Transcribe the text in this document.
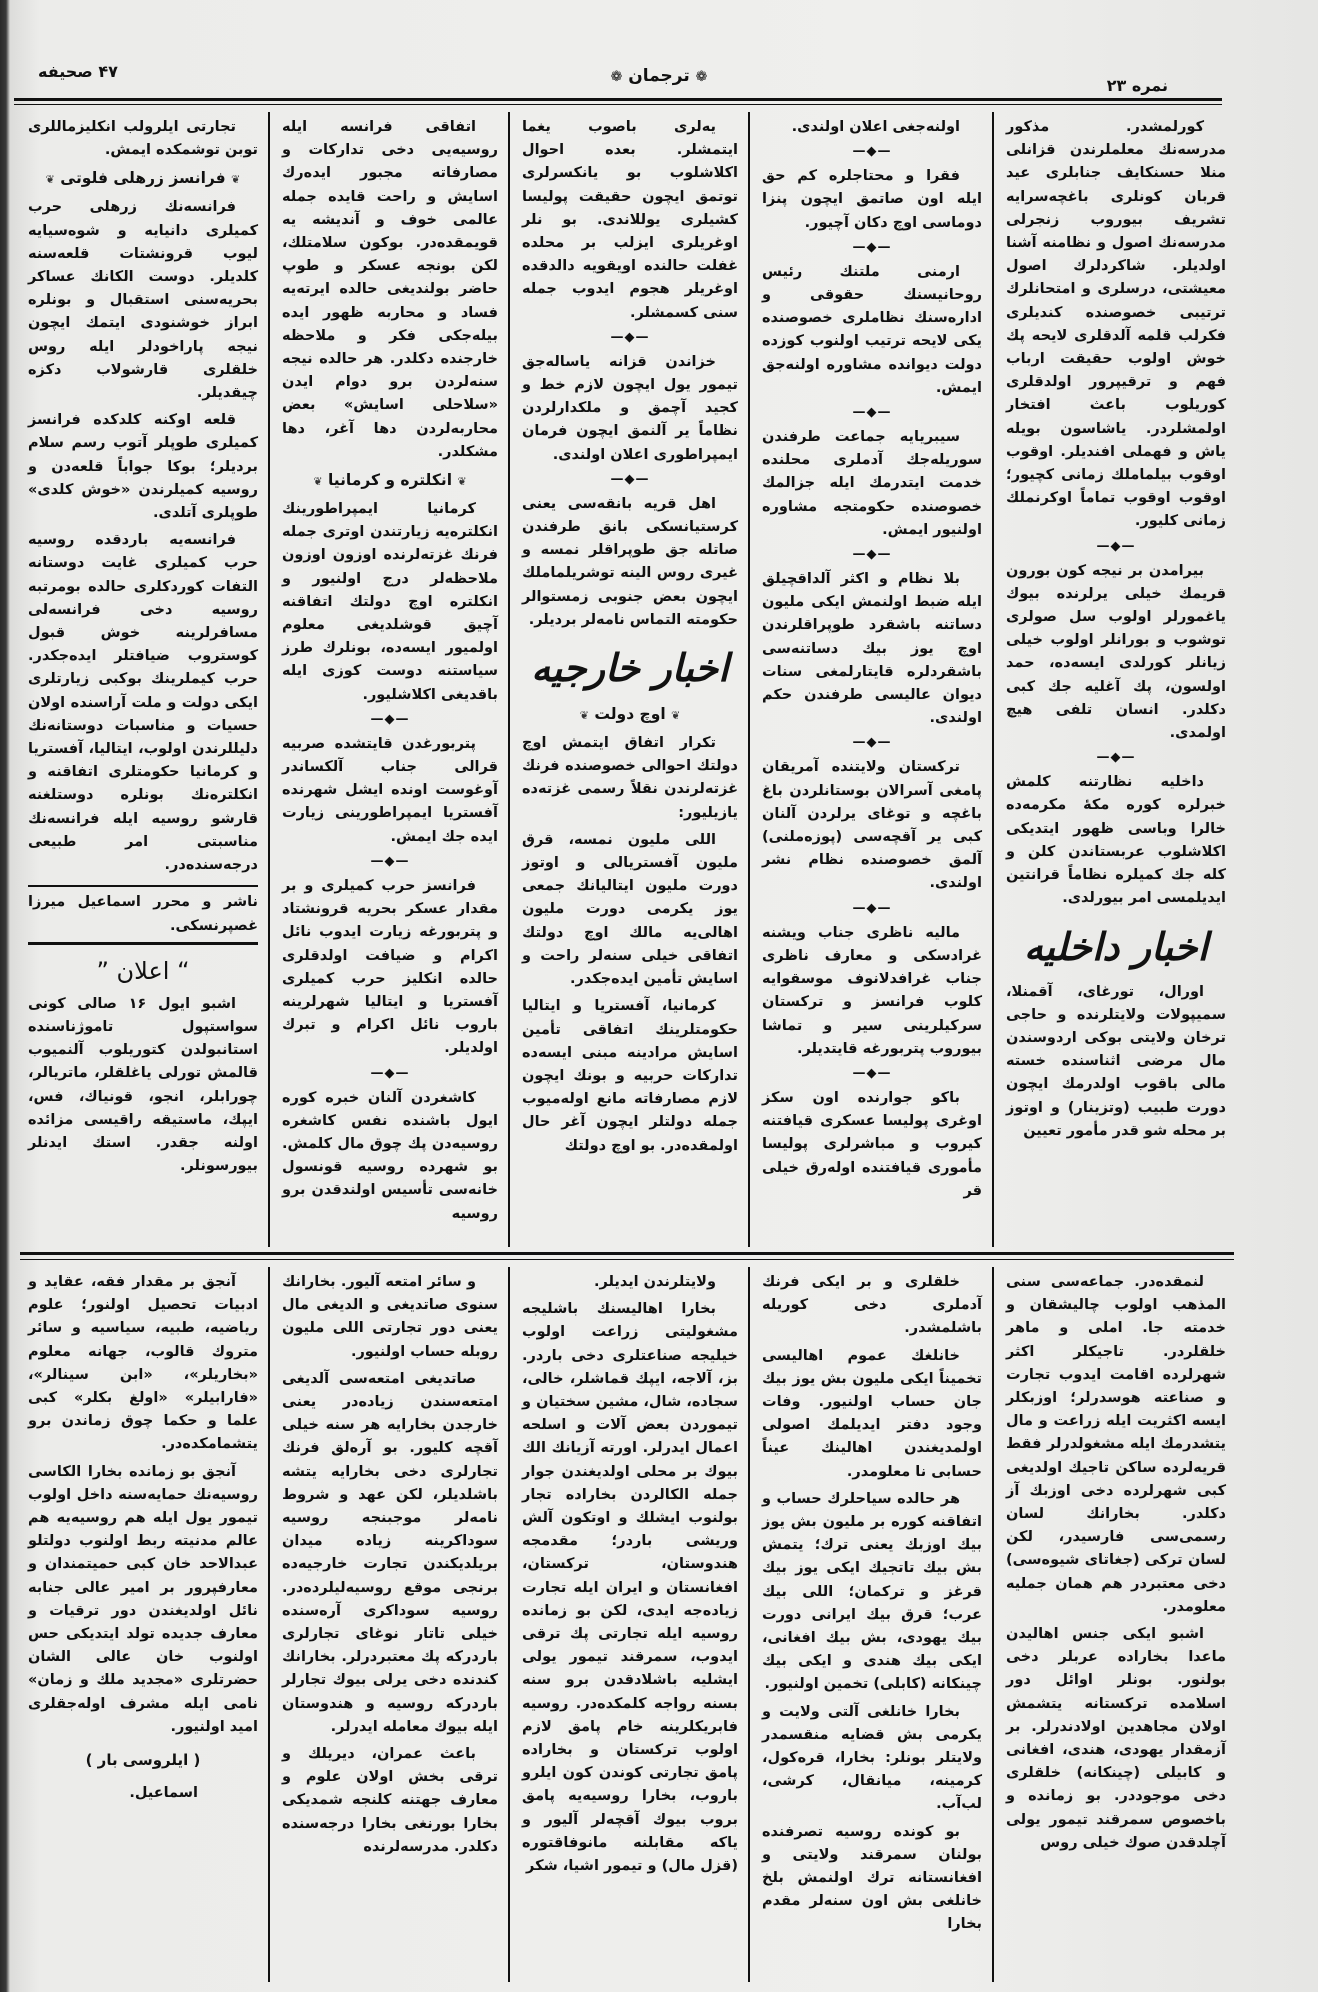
نمره ۲۳
❁ ترجمان ❁
۴۷ صحیفه

کورلمشدر. مذکور مدرسه‌نك معلملرندن قزانلی منلا حسنکایف جنابلری عید قربان کونلری باغچه‌سرایه تشریف بیوروب زنجرلی مدرسه‌نك اصول و نظامنه آشنا اولدیلر. شاکردلرك اصول معیشتی، درسلری و امتحانلرك ترتیبی خصوصنده کندیلری فکرلب قلمه آلدقلری لایحه پك خوش اولوب حقیقت ارباب فهم و ترقیپرور اولدقلری کوریلوب باعث افتخار اولمشلردر. یاشاسون بویله یاش و فهملی افندیلر. اوقوب اوقوب بیلماملك زمانی کچیور؛ اوقوب اوقوب تماماً اوکرنملك زمانی کلیور.

—◆—

بیرامدن بر نیجه کون بورون قریمك خیلی یرلرنده بیوك یاغمورلر اولوب سل صولری توشوب و بورانلر اولوب خیلی زیانلر کورلدی ایسه‌ده، حمد اولسون، پك آغلیه جك کبی دکلدر. انسان تلفی هیچ اولمدی.

—◆—

داخلیه نظارتنه کلمش خبرلره کوره مکهٔ مکرمه‌ده خالرا وباسی ظهور ایتدیکی اکلاشلوب عربستاندن کلن و کله جك کمیلره نظاماً قرانتین ایدیلمسی امر بیورلدی.

اخبار داخلیه

اورال، تورغای، آقمنلا، سمیپولات ولایتلرنده و حاجی ترخان ولایتی بوکی اردوسندن مال مرضی اثناسنده خسته مالی باقوب اولدرمك ایچون دورت طبیب (وتزینار) و اوتوز بر محله شو قدر مأمور تعیین

اولنه‌جغی اعلان اولندی.

—◆—

فقرا و محتاجلره کم حق ایله اون صاتمق ایچون پنزا دوماسی اوچ دکان آچیور.

—◆—

ارمنی ملتنك رئیس روحانیسنك حقوقی و اداره‌سنك نظاملری خصوصنده یکی لایحه ترتیب اولنوب کوزده دولت دیوانده مشاوره اولنه‌جق ایمش.

—◆—

سیبریایه جماعت طرفندن سوریله‌جك آدملری محلنده خدمت ایتدرمك ایله جزالمك خصوصنده حکومتجه مشاوره اولنیور ایمش.

—◆—

بلا نظام و اکثر آلداقچیلق ایله ضبط اولنمش ایکی ملیون دساتنه باشقرد طوپراقلرندن اوچ یوز بیك دساتنه‌سی باشقردلره قایتارلمغی سنات دیوان عالیسی طرفندن حکم اولندی.

—◆—

ترکستان ولایتنده آمریقان پامغی آسرالان بوستانلردن باغ باغچه و توغای یرلردن آلنان کبی یر آقچه‌سی (پوزه‌ملنی) آلمق خصوصنده نظام نشر اولندی.

—◆—

مالیه ناظری جناب ویشنه غرادسکی و معارف ناظری جناب غرافدلانوف موسقوایه کلوب فرانسز و ترکستان سرکیلرینی سیر و تماشا بیوروب پتربورغه قایتدیلر.

—◆—

باکو جوارنده اون سکز اوغری پولیسا عسکری قیافتنه کیروب و مباشرلری پولیسا مأموری قیافتنده اوله‌رق خیلی قر

یه‌لری باصوب یغما ایتمشلر. بعده احوال اکلاشلوب بو یانکسرلری توتمق ایچون حقیقت پولیسا کشیلری یوللاندی. بو نلر اوغریلری ایزلب بر محلده غفلت حالنده اویقویه دالدقده اوغریلر هجوم ایدوب جمله سنی کسمشلر.

—◆—

خزاندن قزانه یاساله‌جق تیمور یول ایچون لازم خط و کجید آچمق و ملکدارلردن نظاماً یر آلنمق ایچون فرمان ایمپراطوری اعلان اولندی.

—◆—

اهل قریه بانقه‌سی یعنی کرستیانسکی بانق طرفندن صاتله جق طوپراقلر نمسه و غیری روس الینه توشریلماملك ایچون بعض جنوبی زمستوالر حکومته التماس نامه‌لر بردیلر.

اخبار خارجیه
❦ اوچ دولت ❦

تکرار اتفاق ایتمش اوچ دولتك احوالی خصوصنده فرنك غزته‌لرندن نقلاً رسمی غزته‌ده یازیلیور:

اللی ملیون نمسه، قرق ملیون آفستریالی و اوتوز دورت ملیون ایتالیانك جمعی یوز یکرمی دورت ملیون اهالی‌یه مالك اوچ دولتك اتفاقی خیلی سنه‌لر راحت و اسایش تأمین ایده‌جکدر.

کرمانیا، آفستریا و ایتالیا حکومتلرینك اتفاقی تأمین اسایش مرادینه مبنی ایسه‌ده تدارکات حربیه و بونك ایچون لازم مصارفاته مانع اوله‌میوب جمله دولتلر ایچون آغر حال اولمقده‌در. بو اوچ دولتك

اتفاقی فرانسه ایله روسیه‌یی دخی تدارکات و مصارفاته مجبور ایده‌رك اسایش و راحت قایده جمله عالمی خوف و آندیشه یه قویمقده‌در. بوکون سلامتلك، لکن بونجه عسکر و طوپ حاضر بولندیغی حالده ایرته‌یه فساد و محاربه ظهور ایده بیله‌جکی فکر و ملاحظه خارجنده دکلدر. هر حالده نیجه سنه‌لردن برو دوام ایدن «سلاحلی اسایش» بعض محاربه‌لردن دها آغر، دها مشکلدر.

❦ انکلتره و کرمانیا ❦

کرمانیا ایمپراطورینك انکلتره‌یه زیارتندن اوتری جمله فرنك غزته‌لرنده اوزون اوزون ملاحظه‌لر درج اولنیور و انکلتره اوچ دولتك اتفاقنه آچیق قوشلدیغی معلوم اولمیور ایسه‌ده، بونلرك طرز سیاستنه دوست کوزی ایله باقدیغی اکلاشلیور.

—◆—

پتربورغدن قایتشده صربیه قرالی جناب آلکساندر آوغوست اونده ایشل شهرنده آفستریا ایمپراطورینی زیارت ایده جك ایمش.

—◆—

فرانسز حرب کمیلری و بر مقدار عسکر بحریه قرونشتاد و پتربورغه زیارت ایدوب نائل اکرام و ضیافت اولدقلری حالده انکلیز حرب کمیلری آفستریا و ایتالیا شهرلرینه باروب نائل اکرام و تبرك اولدیلر.

—◆—

کاشغردن آلنان خبره کوره ایول باشنده نفس کاشغره روسیه‌دن پك چوق مال کلمش. بو شهرده روسیه قونسول خانه‌سی تأسیس اولندقدن برو روسیه

تجارتی ایلرولب انکلیزماللری توبن توشمکده ایمش.

❦ فرانسز زرهلی فلوتی ❦

فرانسه‌نك زرهلی حرب کمیلری دانیایه و شوه‌سیایه‌ لیوب قرونشتات قلعه‌سنه کلدیلر. دوست الکانك عساکر بحریه‌سنی استقبال و بونلره ابراز خوشنودی ایتمك ایچون نیجه پاراخودلر ایله روس خلقلری قارشولاب دکزه چیقدیلر.

قلعه اوکنه کلدکده فرانسز کمیلری طوپلر آتوب رسم سلام بردیلر؛ بوکا جواباً قلعه‌دن و روسیه کمیلرندن «خوش کلدی» طوپلری آتلدی.

فرانسه‌یه باردقده روسیه حرب کمیلری غایت دوستانه التفات کوردکلری حالده بومرتبه روسیه دخی فرانسه‌لی مسافرلرینه خوش قبول کوستروب ضیافتلر ایده‌جکدر. حرب کیملرینك بوکبی زیارتلری ایکی دولت و ملت آراسنده اولان حسیات و مناسبات دوستانه‌نك دلیللرندن اولوب، ایتالیا، آفستریا و کرمانیا حکومتلری اتفاقنه و انکلتره‌نك بونلره دوستلغنه قارشو روسیه ایله فرانسه‌نك مناسبتی امر طبیعی درجه‌سنده‌در.

ناشر و محرر اسماعیل میرزا غصپرنسکی.

“ اعلان ”

اشبو ایول ۱۶ صالی کونی سواستپول تاموژناسنده استانبولدن کتوریلوب آلنمیوب قالمش تورلی یاغلقلر، ماتریالر، چورابلر، انجو، قونیاك، فس، ایپك، ماستیقه راقیسی مزائده اولنه جقدر. استك ایدنلر بیورسونلر.

لنمقده‌در. جماعه‌سی سنی المذهب اولوب چالیشقان و خدمته جا. املی و ماهر خلقلردر. تاجیکلر اکثر شهرلرده اقامت ایدوب تجارت و صناعته هوسدرلر؛ اوزبکلر ایسه اکثریت ایله زراعت و مال یتشدرمك ایله مشغولدرلر فقط قریه‌لرده ساکن تاجیك اولدیغی کبی شهرلرده دخی اوزبك آز دکلدر. بخارانك لسان رسمی‌سی فارسیدر، لکن لسان ترکی (جغاتای شیوه‌سی) دخی معتبردر هم همان جملیه معلومدر.

اشبو ایکی جنس اهالیدن ماعدا بخاراده عربلر دخی بولنور. بونلر اوائل دور اسلامده ترکستانه یتشمش اولان مجاهدین اولادندرلر. بر آزمقدار یهودی، هندی، افغانی و کابیلی (چینکانه) خلقلری دخی موجوددر. بو زمانده و باخصوص سمرقند تیمور یولی آچلدقدن صوك خیلی روس

خلقلری و بر ایکی فرنك آدملری دخی کوریله باشلمشدر.

خانلغك عموم اهالیسی تخمیناً ایکی ملیون بش یوز بیك جان حساب اولنیور. وفات وجود دفتر ایدیلمك اصولی اولمدیغندن اهالینك عیناً حسابی نا معلومدر.

هر حالده سیاحلرك حساب و اتفاقنه کوره بر ملیون بش یوز بیك اوزبك یعنی ترك؛ یتمش بش بیك تاتجیك ایکی یوز بیك قرغز و ترکمان؛ اللی بیك عرب؛ قرق بیك ایرانی دورت بیك یهودی، بش بیك افغانی، ایکی بیك هندی و ایکی بیك چینکانه (کابلی) تخمین اولنیور.

بخارا خانلغی آلتی ولایت و یکرمی بش قضایه منقسمدر ولایتلر بونلر: بخارا، قره‌کول، کرمینه، میانقال، کرشی، لب‌آب.

بو کونده روسیه تصرفنده بولنان سمرقند ولایتی و افغانستانه ترك اولنمش بلخ خانلغی بش اون سنه‌لر مقدم بخارا

ولایتلرندن ایدیلر.

بخارا اهالیسنك باشلیجه مشغولیتی زراعت اولوب خیلیجه صناعتلری دخی باردر. بز، آلاجه، ایپك قماشلر، خالی، سجاده، شال، مشین سختیان و تیموردن بعض آلات و اسلحه اعمال ایدرلر. اورته آزیانك الك بیوك بر محلی اولدیغندن جوار جمله الکالردن بخاراده تجار بولنوب ایشلك و اوتکون آلش وریشی باردر؛ مقدمجه هندوستان، ترکستان، افغانستان و ایران ایله تجارت زیاده‌جه ایدی، لکن بو زمانده روسیه ایله تجارتی پك ترقی ایدوب، سمرقند تیمور یولی ایشلیه باشلادقدن برو سنه بسنه رواجه کلمکده‌در. روسیه فابریکلرینه خام پامق لازم اولوب ترکستان و بخاراده پامق تجارتی کوندن کون ایلرو باروب، بخارا روسیه‌یه پامق بروب بیوك آقچه‌لر آلیور و یاکه مقابلنه مانوفاقتوره (قزل مال) و تیمور اشیا، شکر

و سائر امتعه آلیور. بخارانك سنوی صاتدیغی و الدیغی مال یعنی دور تجارتی اللی ملیون روبله حساب اولنیور.

صاتدیغی امتعه‌سی آلدیغی امتعه‌سندن زیاده‌در یعنی خارجدن بخارایه هر سنه خیلی آقچه کلیور. بو آره‌لق فرنك تجارلری دخی بخارایه یتشه باشلدیلر، لکن عهد و شروط نامه‌لر موجبنجه روسیه سوداکرینه زیاده میدان بریلدیکندن تجارت خارجیه‌ده برنجی موقع روسیه‌لیلرده‌در. روسیه سوداکری آره‌سنده خیلی تاتار نوغای تجارلری باردرکه پك معتبردرلر. بخارانك کندنده دخی یرلی بیوك تجارلر باردرکه روسیه و هندوستان ایله بیوك معامله ایدرلر.

باعث عمران، دیریلك و ترقی بخش اولان علوم و معارف جهتنه کلنجه شمدیکی بخارا بورنغی بخارا درجه‌سنده دکلدر. مدرسه‌لرنده

آنجق بر مقدار فقه، عقاید و ادبیات تحصیل اولنور؛ علوم ریاضیه، طبیه، سیاسیه و سائر متروك قالوب، جهانه معلوم «بخاریلر»، «ابن سینالر»، «فارابیلر» «اولغ بکلر» کبی علما و حکما چوق زماندن برو یتشمامکده‌در.

آنجق بو زمانده بخارا الکاسی روسیه‌نك حمایه‌سنه داخل اولوب تیمور یول ایله هم روسیه‌یه هم عالم مدنیته ربط اولنوب دولتلو عبدالاحد خان کبی حمیتمندان و معارفپرور بر امیر عالی جنابه نائل اولدیغندن دور ترقیات و معارف جدیده تولد ایتدیکی حس اولنوب خان عالی الشان حضرتلری «مجدید ملك و زمان» نامی ایله مشرف اوله‌جقلری امید اولنیور.

( ایلروسی بار )
اسماعیل.
